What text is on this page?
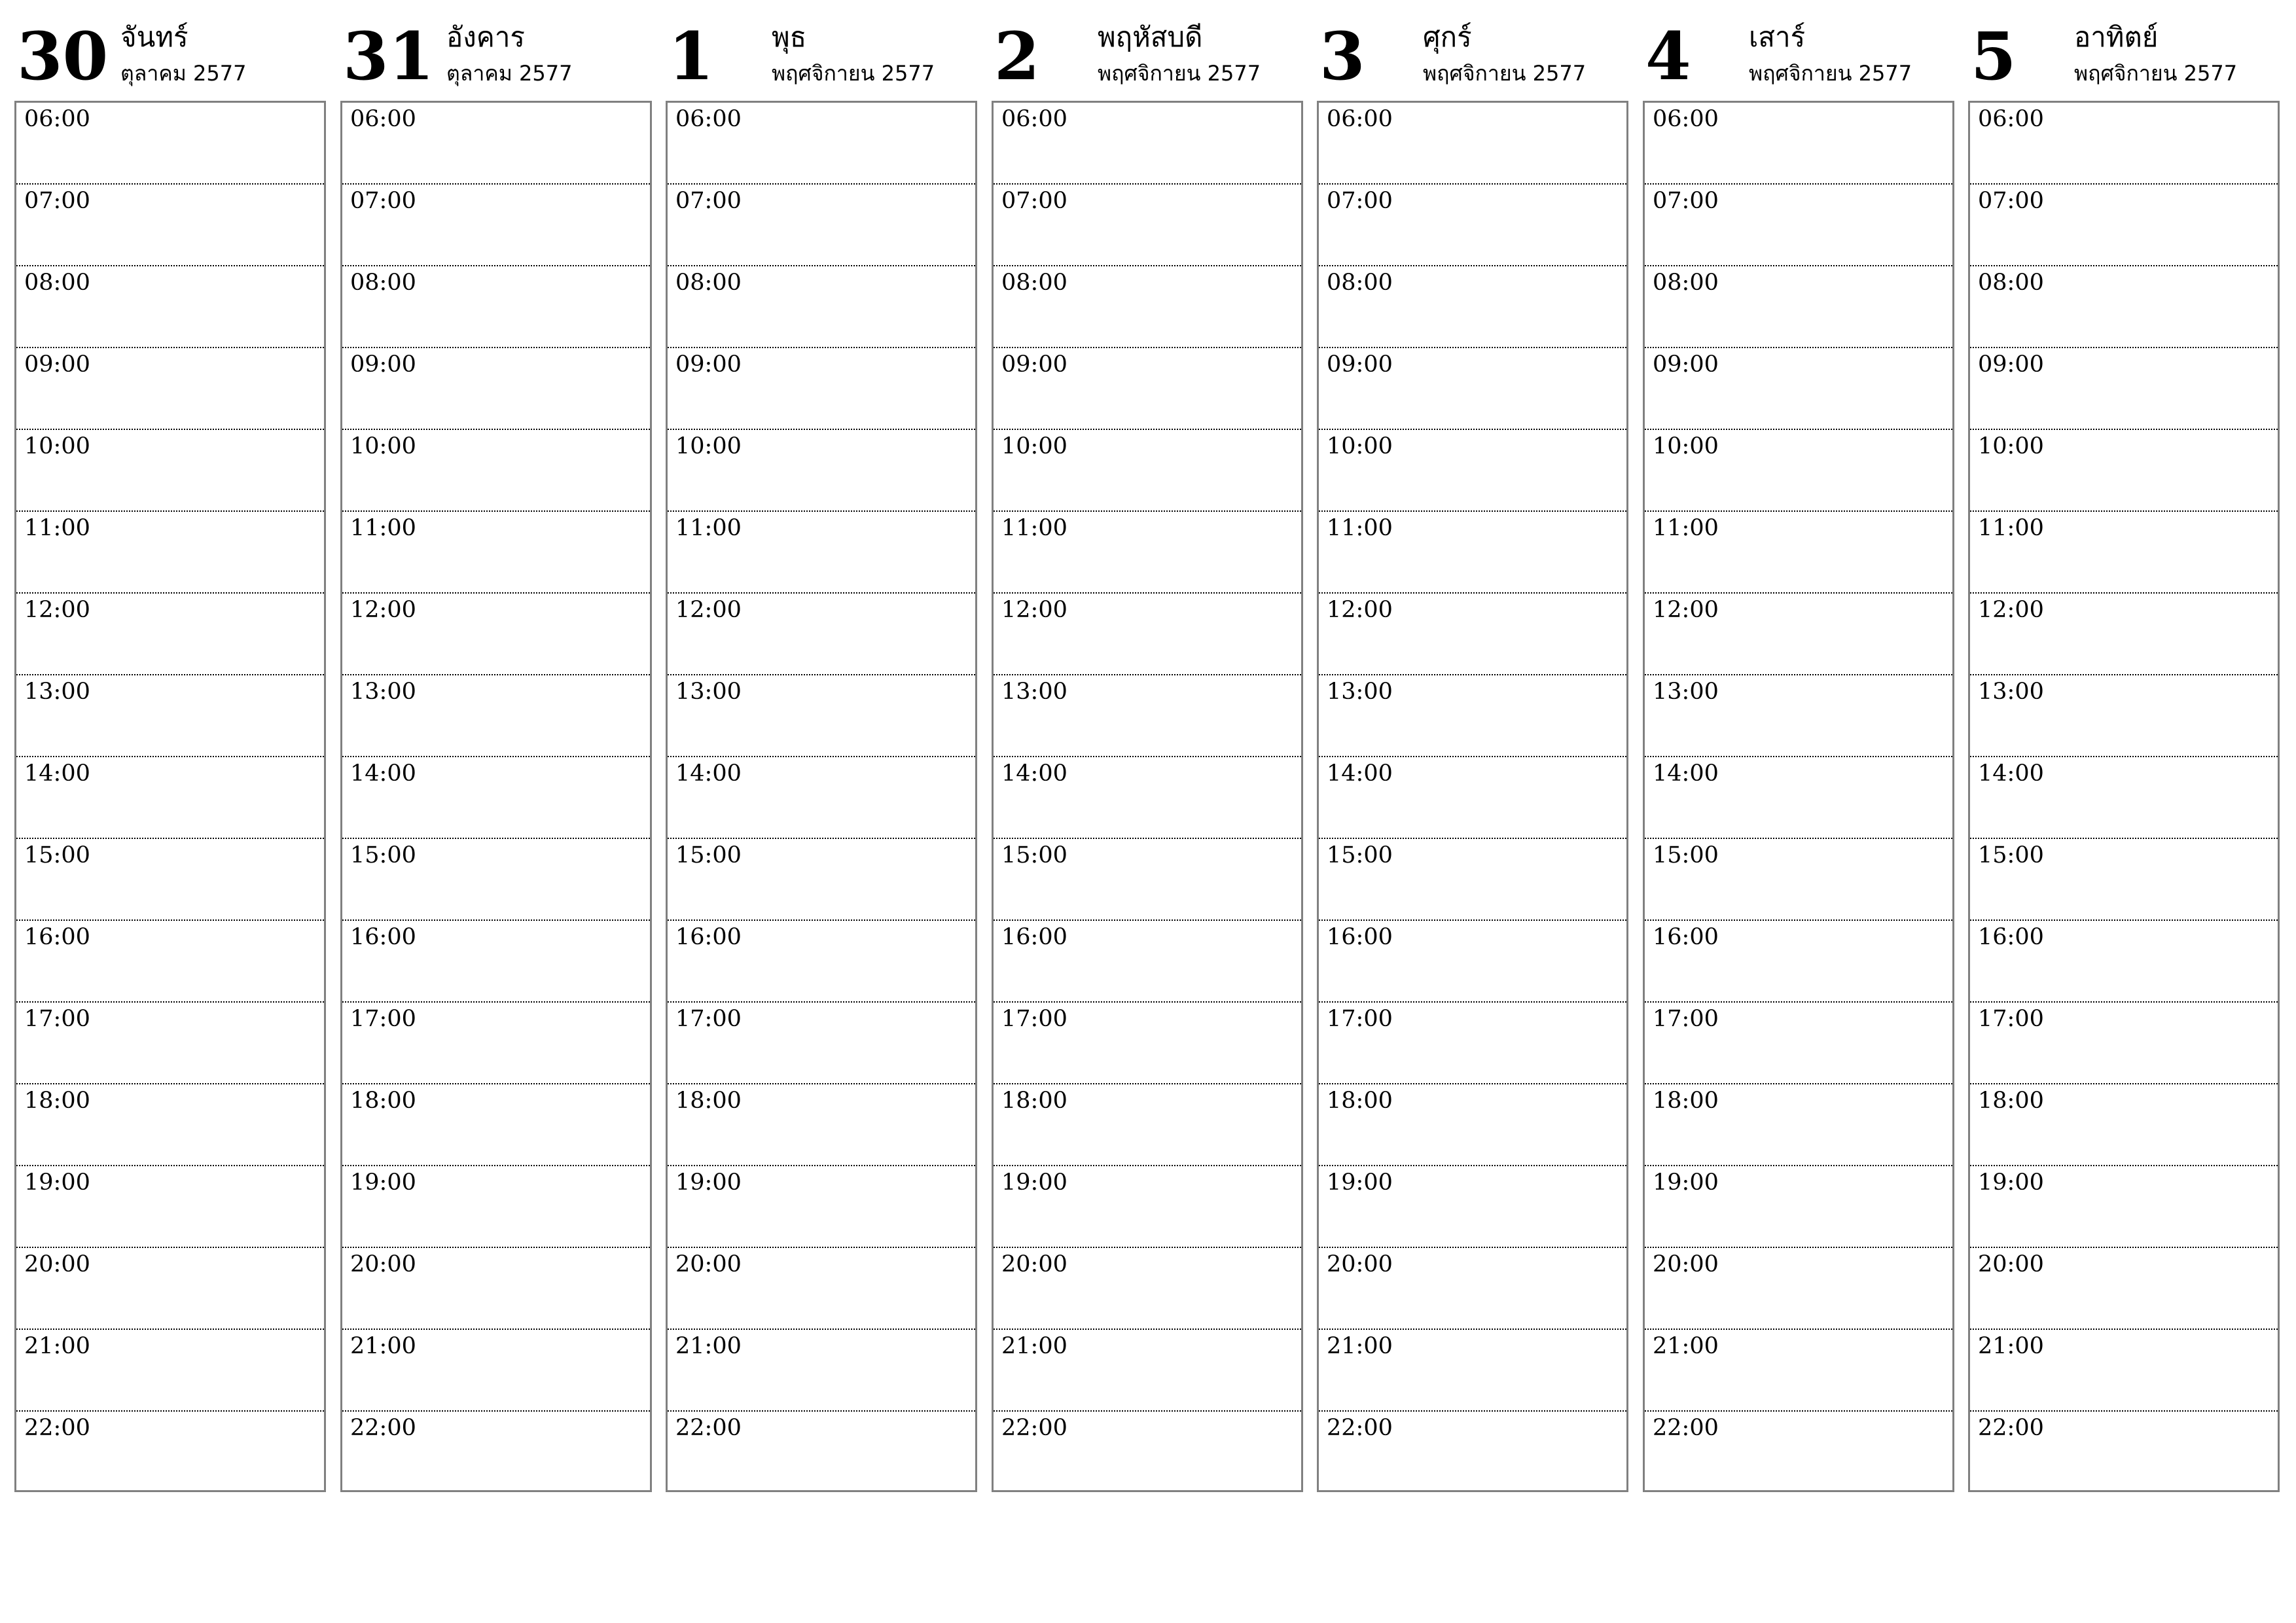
30 จันทร์
ตุลาคม 2577
06:00
07:00
08:00
09:00
10:00
11:00
12:00
13:00
14:00
15:00
16:00
17:00
18:00
19:00
20:00
21:00
22:00
31 อังคาร
ตุลาคม 2577
06:00
07:00
08:00
09:00
10:00
11:00
12:00
13:00
14:00
15:00
16:00
17:00
18:00
19:00
20:00
21:00
22:00
1 พุธ
พฤศจิกายน 2577
06:00
07:00
08:00
09:00
10:00
11:00
12:00
13:00
14:00
15:00
16:00
17:00
18:00
19:00
20:00
21:00
22:00
2 พฤหัสบดี
พฤศจิกายน 2577
06:00
07:00
08:00
09:00
10:00
11:00
12:00
13:00
14:00
15:00
16:00
17:00
18:00
19:00
20:00
21:00
22:00
3 ศุกร์
พฤศจิกายน 2577
06:00
07:00
08:00
09:00
10:00
11:00
12:00
13:00
14:00
15:00
16:00
17:00
18:00
19:00
20:00
21:00
22:00
4 เสาร์
พฤศจิกายน 2577
06:00
07:00
08:00
09:00
10:00
11:00
12:00
13:00
14:00
15:00
16:00
17:00
18:00
19:00
20:00
21:00
22:00
5 อาทิตย์
พฤศจิกายน 2577
06:00
07:00
08:00
09:00
10:00
11:00
12:00
13:00
14:00
15:00
16:00
17:00
18:00
19:00
20:00
21:00
22:00
